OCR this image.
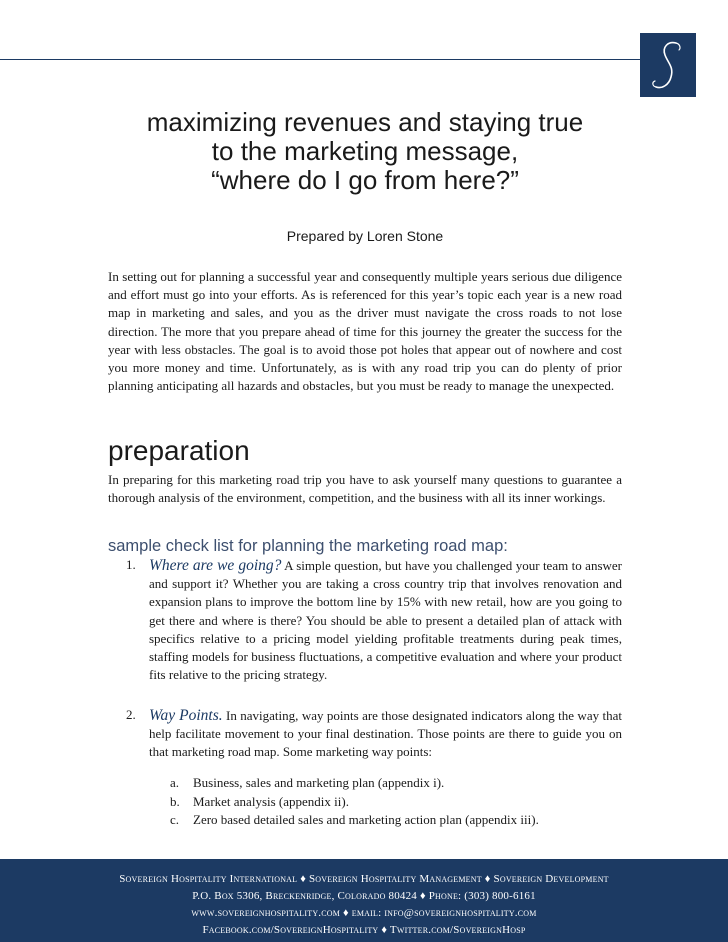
maximizing revenues and staying true
to the marketing message,
“where do I go from here?”
Prepared by Loren Stone
In setting out for planning a successful year and consequently multiple years serious due diligence and effort must go into your efforts. As is referenced for this year’s topic each year is a new road map in marketing and sales, and you as the driver must navigate the cross roads to not lose direction. The more that you prepare ahead of time for this journey the greater the success for the year with less obstacles. The goal is to avoid those pot holes that appear out of nowhere and cost you more money and time. Unfortunately, as is with any road trip you can do plenty of prior planning anticipating all hazards and obstacles, but you must be ready to manage the unexpected.
preparation
In preparing for this marketing road trip you have to ask yourself many questions to guarantee a thorough analysis of the environment, competition, and the business with all its inner workings.
sample check list for planning the marketing road map:
1. Where are we going? A simple question, but have you challenged your team to answer and support it? Whether you are taking a cross country trip that involves renovation and expansion plans to improve the bottom line by 15% with new retail, how are you going to get there and where is there? You should be able to present a detailed plan of attack with specifics relative to a pricing model yielding profitable treatments during peak times, staffing models for business fluctuations, a competitive evaluation and where your product fits relative to the pricing strategy.
2. Way Points. In navigating, way points are those designated indicators along the way that help facilitate movement to your final destination. Those points are there to guide you on that marketing road map. Some marketing way points:
a.	Business, sales and marketing plan (appendix i).
b.	Market analysis (appendix ii).
c.	Zero based detailed sales and marketing action plan (appendix iii).
Sovereign Hospitality International ♦ Sovereign Hospitality Management ♦ Sovereign Development
P.O. Box 5306, Breckenridge, Colorado 80424 ♦ Phone: (303) 800-6161
www.sovereignhospitality.com ♦ email: info@sovereignhospitality.com
Facebook.com/SovereignHospitality ♦ Twitter.com/SovereignHosp
